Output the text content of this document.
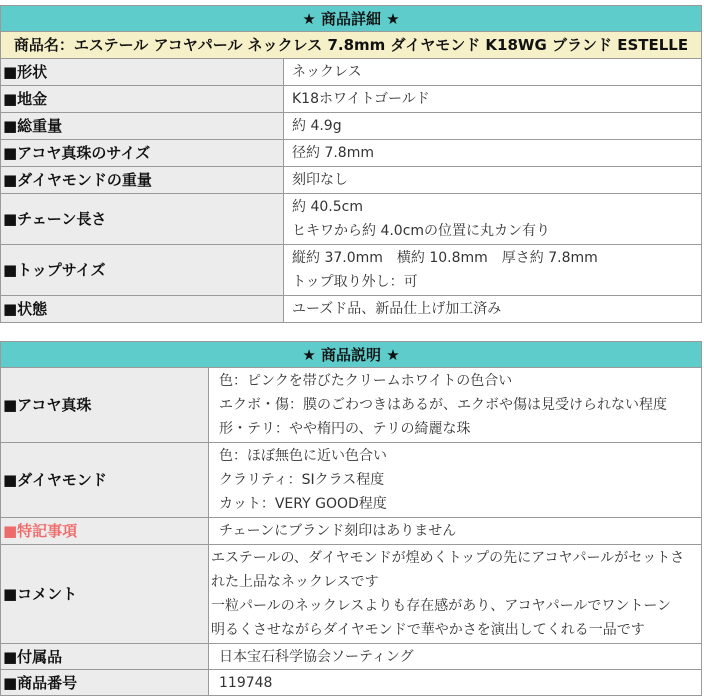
★ 商品詳細 ★	
商品名：エステール アコヤパール ネックレス 7.8mm ダイヤモンド K18WG ブランド ESTELLE	
■形状	ネックレス

■地金	K18ホワイトゴールド

■総重量	約 4.9g

■アコヤ真珠のサイズ	径約 7.8mm

■ダイヤモンドの重量	刻印なし

■チェーン長さ	約 40.5cm
ヒキワから約 4.0cmの位置に丸カン有り

■トップサイズ	縦約 37.0mm　横約 10.8mm　厚さ約 7.8mm
トップ取り外し：可

■状態	ユーズド品、新品仕上げ加工済み
★ 商品説明 ★	
■アコヤ真珠	色：ピンクを帯びたクリームホワイトの色合い
エクボ・傷：膜のごわつきはあるが、エクボや傷は見受けられない程度
形・テリ：やや楕円の、テリの綺麗な珠

■ダイヤモンド	色：ほぼ無色に近い色合い
クラリティ：SIクラス程度
カット：VERY GOOD程度

■特記事項	チェーンにブランド刻印はありません

■コメント	エステールの、ダイヤモンドが煌めくトップの先にアコヤパールがセットさ
れた上品なネックレスです
一粒パールのネックレスよりも存在感があり、アコヤパールでワントーン
明るくさせながらダイヤモンドで華やかさを演出してくれる一品です

■付属品	日本宝石科学協会ソーティング

■商品番号	119748
